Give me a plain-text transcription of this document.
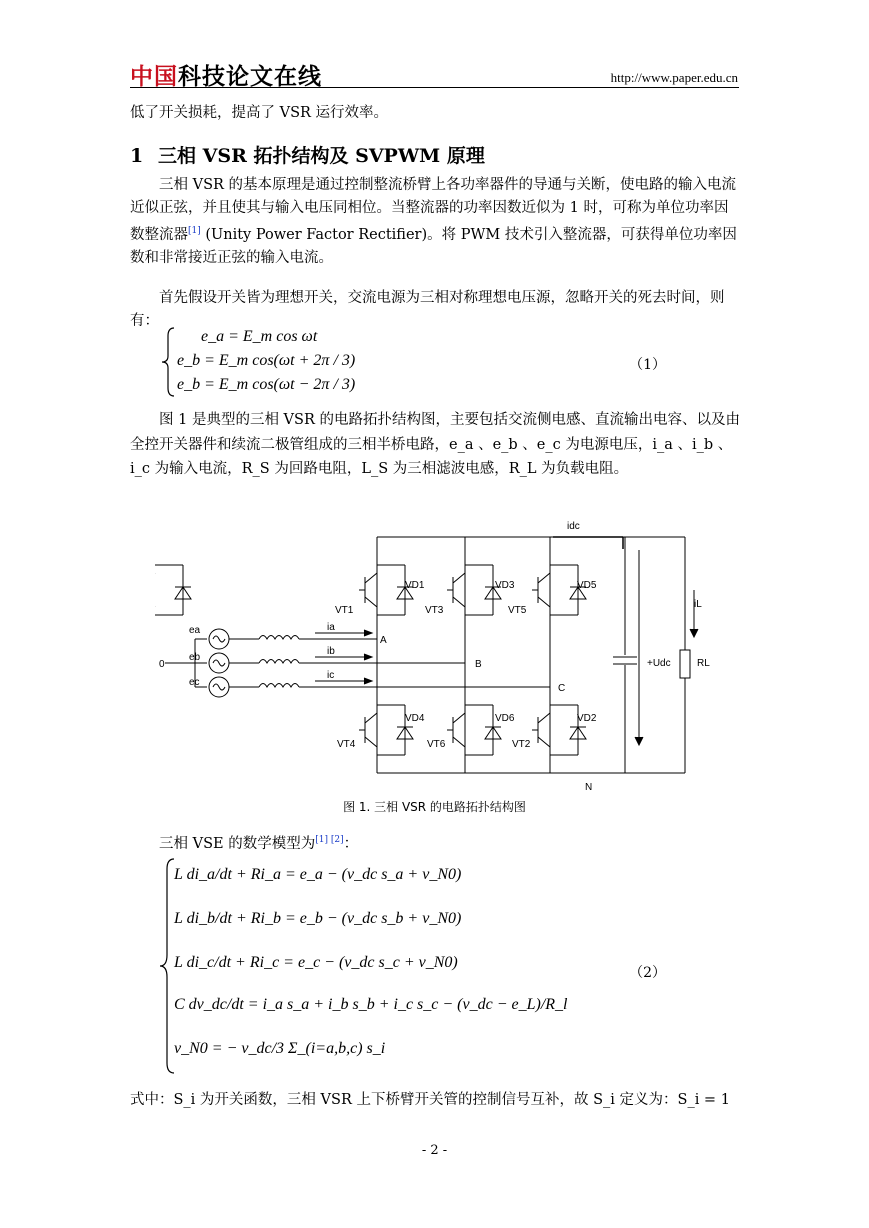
中国科技论文在线	http://www.paper.edu.cn
低了开关损耗，提高了 VSR 运行效率。
1 三相 VSR 拓扑结构及 SVPWM 原理
三相 VSR 的基本原理是通过控制整流桥臂上各功率器件的导通与关断，使电路的输入电流近似正弦，并且使其与输入电压同相位。当整流器的功率因数近似为 1 时，可称为单位功率因数整流器[1] (Unity Power Factor Rectifier)。将 PWM 技术引入整流器，可获得单位功率因数和非常接近正弦的输入电流。
首先假设开关皆为理想开关，交流电源为三相对称理想电压源，忽略开关的死去时间，则有：
e_a = E_m cos ωt
e_b = E_m cos(ωt + 2π / 3)
e_b = E_m cos(ωt − 2π / 3)
（1）
图 1 是典型的三相 VSR 的电路拓扑结构图，主要包括交流侧电感、直流输出电容、以及由全控开关器件和续流二极管组成的三相半桥电路，e_a 、e_b 、e_c 为电源电压，i_a 、i_b 、i_c 为输入电流，R_S 为回路电阻，L_S 为三相滤波电感，R_L 为负载电阻。
idc
iL
+Udc	RL
VD1	VD3	VD5
VD4	VD6	VD2
VT1	VT3	VT5
VT4	VT6	VT2
ea
eb
ec
ia
ib
ic
0
A
B
C
N
图 1. 三相 VSR 的电路拓扑结构图
三相 VSE 的数学模型为[1] [2]：
L di_a/dt + Ri_a = e_a − (v_dc s_a + v_N0)
L di_b/dt + Ri_b = e_b − (v_dc s_b + v_N0)
L di_c/dt + Ri_c = e_c − (v_dc s_c + v_N0)
C dv_dc/dt = i_a s_a + i_b s_b + i_c s_c − (v_dc − e_L)/R_l
v_N0 = − v_dc/3 Σ_(i=a,b,c) s_i
（2）
式中：S_i 为开关函数，三相 VSR 上下桥臂开关管的控制信号互补，故 S_i 定义为：S_i = 1
- 2 -
